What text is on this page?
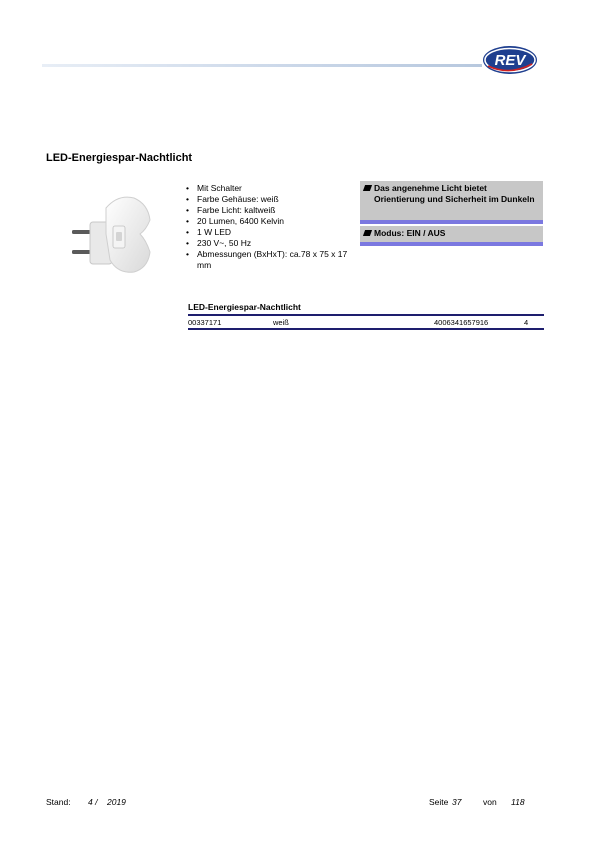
REV
LED-Energiespar-Nachtlicht
• Mit Schalter
• Farbe Gehäuse: weiß
• Farbe Licht: kaltweiß
• 20 Lumen, 6400 Kelvin
• 1 W LED
• 230 V~, 50 Hz
• Abmessungen (BxHxT): ca.78 x 75 x 17 mm
Das angenehme Licht bietet Orientierung und Sicherheit im Dunkeln
Modus: EIN / AUS
LED-Energiespar-Nachtlicht
00337171	weiß	4006341657916	4
Stand: 4 / 2019	Seite 37	von 118
